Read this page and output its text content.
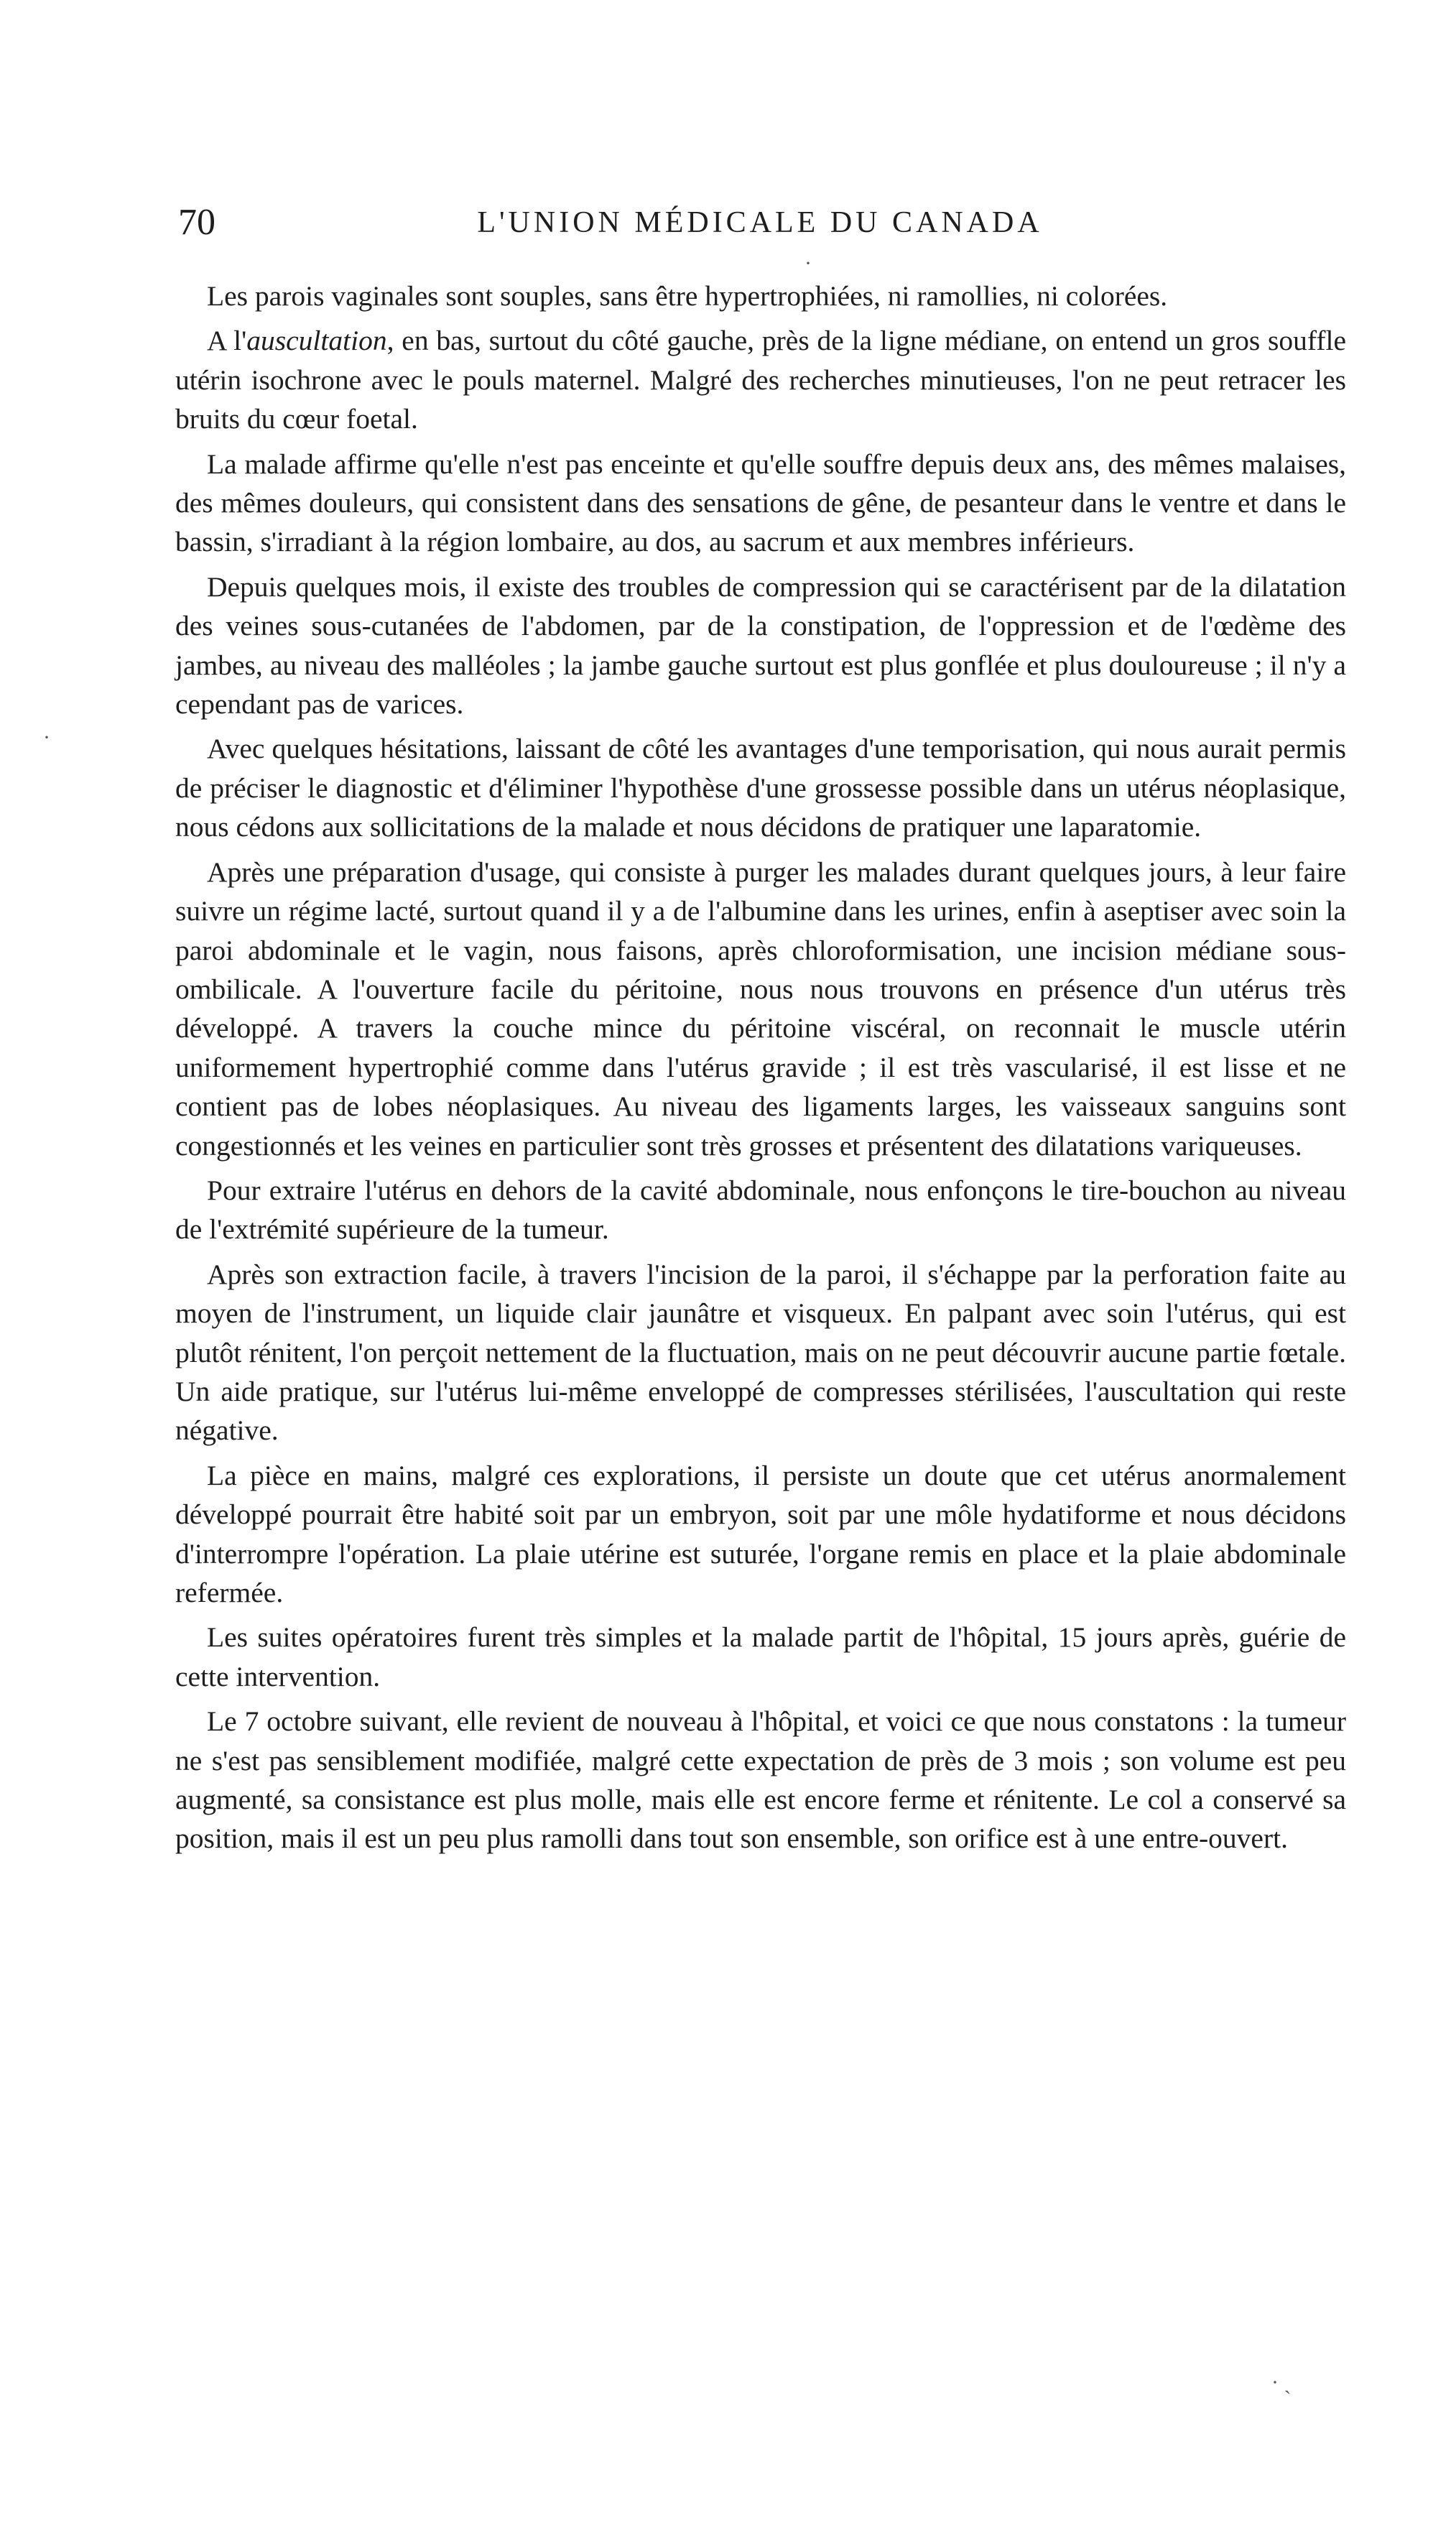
70	L'UNION MÉDICALE DU CANADA

Les parois vaginales sont souples, sans être hypertrophiées, ni ramollies, ni colorées.

A l'auscultation, en bas, surtout du côté gauche, près de la ligne médiane, on entend un gros souffle utérin isochrone avec le pouls maternel. Malgré des recherches minutieuses, l'on ne peut retracer les bruits du cœur foetal.

La malade affirme qu'elle n'est pas enceinte et qu'elle souffre depuis deux ans, des mêmes malaises, des mêmes douleurs, qui consistent dans des sensations de gêne, de pesanteur dans le ventre et dans le bassin, s'irradiant à la région lombaire, au dos, au sacrum et aux membres inférieurs.

Depuis quelques mois, il existe des troubles de compression qui se caractérisent par de la dilatation des veines sous-cutanées de l'abdomen, par de la constipation, de l'oppression et de l'œdème des jambes, au niveau des malléoles ; la jambe gauche surtout est plus gonflée et plus douloureuse ; il n'y a cependant pas de varices.

Avec quelques hésitations, laissant de côté les avantages d'une temporisation, qui nous aurait permis de préciser le diagnostic et d'éliminer l'hypothèse d'une grossesse possible dans un utérus néoplasique, nous cédons aux sollicitations de la malade et nous décidons de pratiquer une laparatomie.

Après une préparation d'usage, qui consiste à purger les malades durant quelques jours, à leur faire suivre un régime lacté, surtout quand il y a de l'albumine dans les urines, enfin à aseptiser avec soin la paroi abdominale et le vagin, nous faisons, après chloroformisation, une incision médiane sous-ombilicale. A l'ouverture facile du péritoine, nous nous trouvons en présence d'un utérus très développé. A travers la couche mince du péritoine viscéral, on reconnait le muscle utérin uniformement hypertrophié comme dans l'utérus gravide ; il est très vascularisé, il est lisse et ne contient pas de lobes néoplasiques. Au niveau des ligaments larges, les vaisseaux sanguins sont congestionnés et les veines en particulier sont très grosses et présentent des dilatations variqueuses.

Pour extraire l'utérus en dehors de la cavité abdominale, nous enfonçons le tire-bouchon au niveau de l'extrémité supérieure de la tumeur.

Après son extraction facile, à travers l'incision de la paroi, il s'échappe par la perforation faite au moyen de l'instrument, un liquide clair jaunâtre et visqueux. En palpant avec soin l'utérus, qui est plutôt rénitent, l'on perçoit nettement de la fluctuation, mais on ne peut découvrir aucune partie fœtale. Un aide pratique, sur l'utérus lui-même enveloppé de compresses stérilisées, l'auscultation qui reste négative.

La pièce en mains, malgré ces explorations, il persiste un doute que cet utérus anormalement développé pourrait être habité soit par un embryon, soit par une môle hydatiforme et nous décidons d'interrompre l'opération. La plaie utérine est suturée, l'organe remis en place et la plaie abdominale refermée.

Les suites opératoires furent très simples et la malade partit de l'hôpital, 15 jours après, guérie de cette intervention.

Le 7 octobre suivant, elle revient de nouveau à l'hôpital, et voici ce que nous constatons : la tumeur ne s'est pas sensiblement modifiée, malgré cette expectation de près de 3 mois ; son volume est peu augmenté, sa consistance est plus molle, mais elle est encore ferme et rénitente. Le col a conservé sa position, mais il est un peu plus ramolli dans tout son ensemble, son orifice est à une entre-ouvert.

·
·
· ˎ
